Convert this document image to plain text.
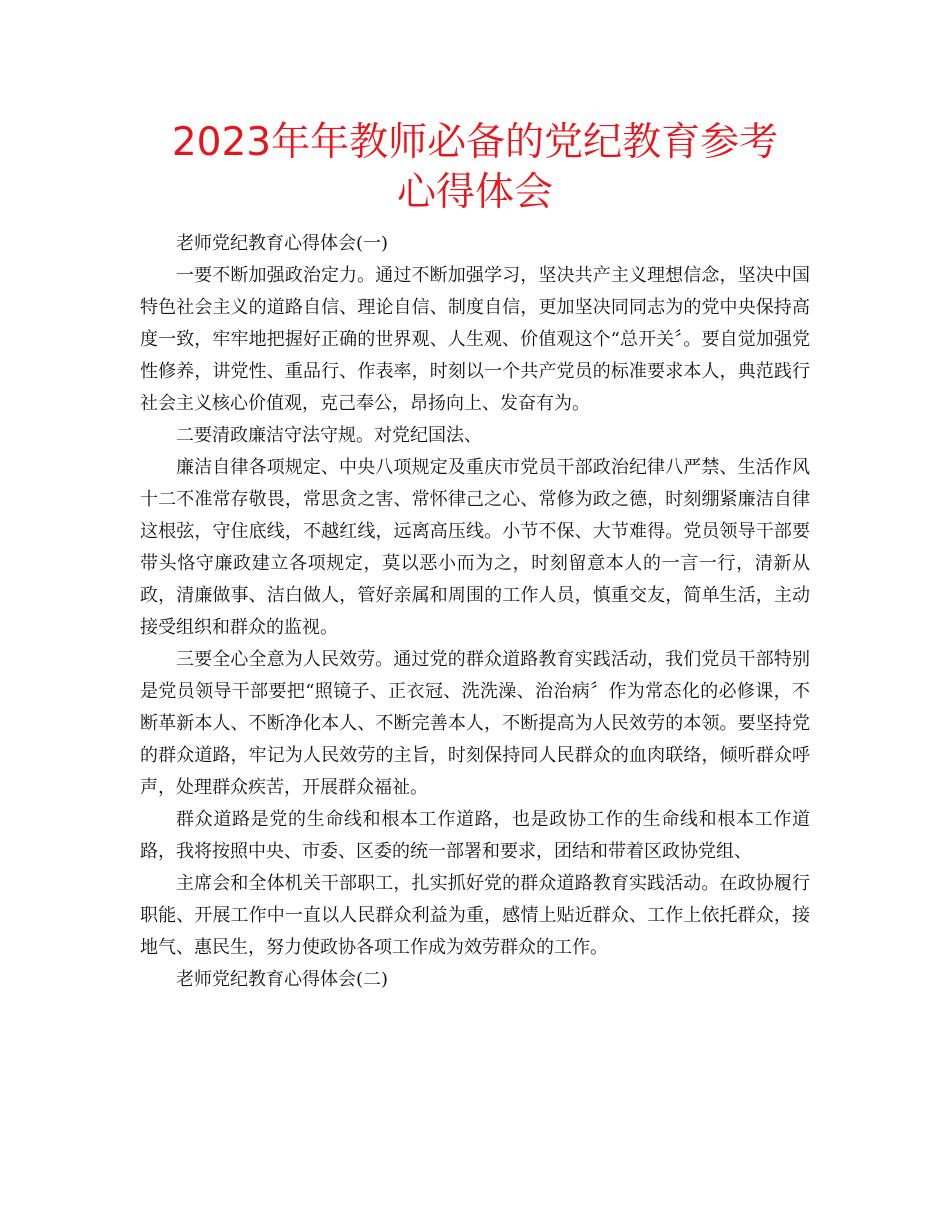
2023年年教师必备的党纪教育参考心得体会

老师党纪教育心得体会(一)

一要不断加强政治定力。通过不断加强学习，坚决共产主义理想信念，坚决中国特色社会主义的道路自信、理论自信、制度自信，更加坚决同同志为的党中央保持高度一致，牢牢地把握好正确的世界观、人生观、价值观这个“总开关〞。要自觉加强党性修养，讲党性、重品行、作表率，时刻以一个共产党员的标准要求本人，典范践行社会主义核心价值观，克己奉公，昂扬向上、发奋有为。

二要清政廉洁守法守规。对党纪国法、

廉洁自律各项规定、中央八项规定及重庆市党员干部政治纪律八严禁、生活作风十二不准常存敬畏，常思贪之害、常怀律己之心、常修为政之德，时刻绷紧廉洁自律这根弦，守住底线，不越红线，远离高压线。小节不保、大节难得。党员领导干部要带头恪守廉政建立各项规定，莫以恶小而为之，时刻留意本人的一言一行，清新从政，清廉做事、洁白做人，管好亲属和周围的工作人员，慎重交友，简单生活，主动接受组织和群众的监视。

三要全心全意为人民效劳。通过党的群众道路教育实践活动，我们党员干部特别是党员领导干部要把“照镜子、正衣冠、洗洗澡、治治病〞作为常态化的必修课，不断革新本人、不断净化本人、不断完善本人，不断提高为人民效劳的本领。要坚持党的群众道路，牢记为人民效劳的主旨，时刻保持同人民群众的血肉联络，倾听群众呼声，处理群众疾苦，开展群众福祉。

群众道路是党的生命线和根本工作道路，也是政协工作的生命线和根本工作道路，我将按照中央、市委、区委的统一部署和要求，团结和带着区政协党组、

主席会和全体机关干部职工，扎实抓好党的群众道路教育实践活动。在政协履行职能、开展工作中一直以人民群众利益为重，感情上贴近群众、工作上依托群众，接地气、惠民生，努力使政协各项工作成为效劳群众的工作。

老师党纪教育心得体会(二)
